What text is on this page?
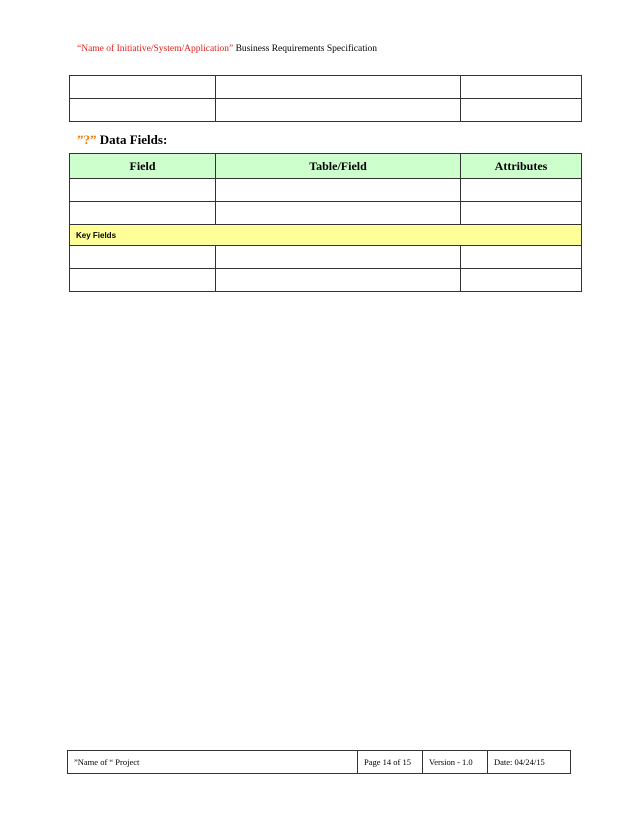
“Name of Initiative/System/Application” Business Requirements Specification

”?” Data Fields:
Field	Table/Field	Attributes

Key Fields		

”Name of “ Project	Page 14 of 15	Version - 1.0	Date: 04/24/15
